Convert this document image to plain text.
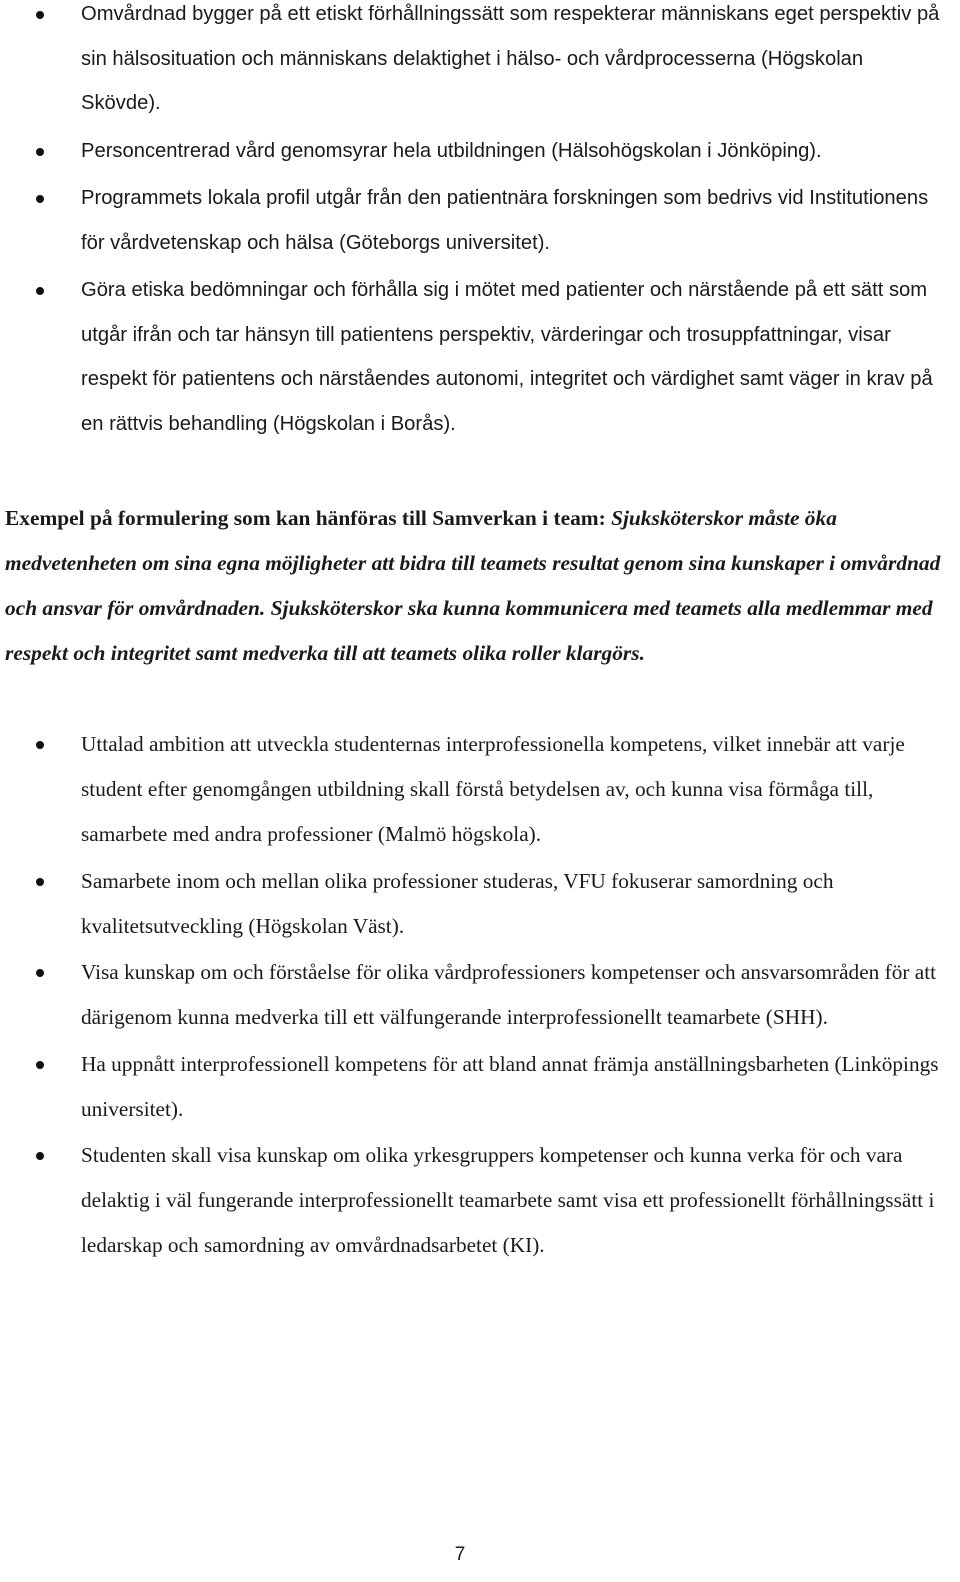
Omvårdnad bygger på ett etiskt förhållningssätt som respekterar människans eget perspektiv på sin hälsosituation och människans delaktighet i hälso- och vårdprocesserna (Högskolan Skövde).
Personcentrerad vård genomsyrar hela utbildningen (Hälsohögskolan i Jönköping).
Programmets lokala profil utgår från den patientnära forskningen som bedrivs vid Institutionens för vårdvetenskap och hälsa (Göteborgs universitet).
Göra etiska bedömningar och förhålla sig i mötet med patienter och närstående på ett sätt som utgår ifrån och tar hänsyn till patientens perspektiv, värderingar och trosuppfattningar, visar respekt för patientens och närståendes autonomi, integritet och värdighet samt väger in krav på en rättvis behandling (Högskolan i Borås).

Exempel på formulering som kan hänföras till Samverkan i team: Sjuksköterskor måste öka medvetenheten om sina egna möjligheter att bidra till teamets resultat genom sina kunskaper i omvårdnad och ansvar för omvårdnaden. Sjuksköterskor ska kunna kommunicera med teamets alla medlemmar med respekt och integritet samt medverka till att teamets olika roller klargörs.

Uttalad ambition att utveckla studenternas interprofessionella kompetens, vilket innebär att varje student efter genomgången utbildning skall förstå betydelsen av, och kunna visa förmåga till, samarbete med andra professioner (Malmö högskola).
Samarbete inom och mellan olika professioner studeras, VFU fokuserar samordning och kvalitetsutveckling (Högskolan Väst).
Visa kunskap om och förståelse för olika vårdprofessioners kompetenser och ansvarsområden för att därigenom kunna medverka till ett välfungerande interprofessionellt teamarbete (SHH).
Ha uppnått interprofessionell kompetens för att bland annat främja anställningsbarheten (Linköpings universitet).
Studenten skall visa kunskap om olika yrkesgruppers kompetenser och kunna verka för och vara delaktig i väl fungerande interprofessionellt teamarbete samt visa ett professionellt förhållningssätt i ledarskap och samordning av omvårdnadsarbetet (KI).
7
